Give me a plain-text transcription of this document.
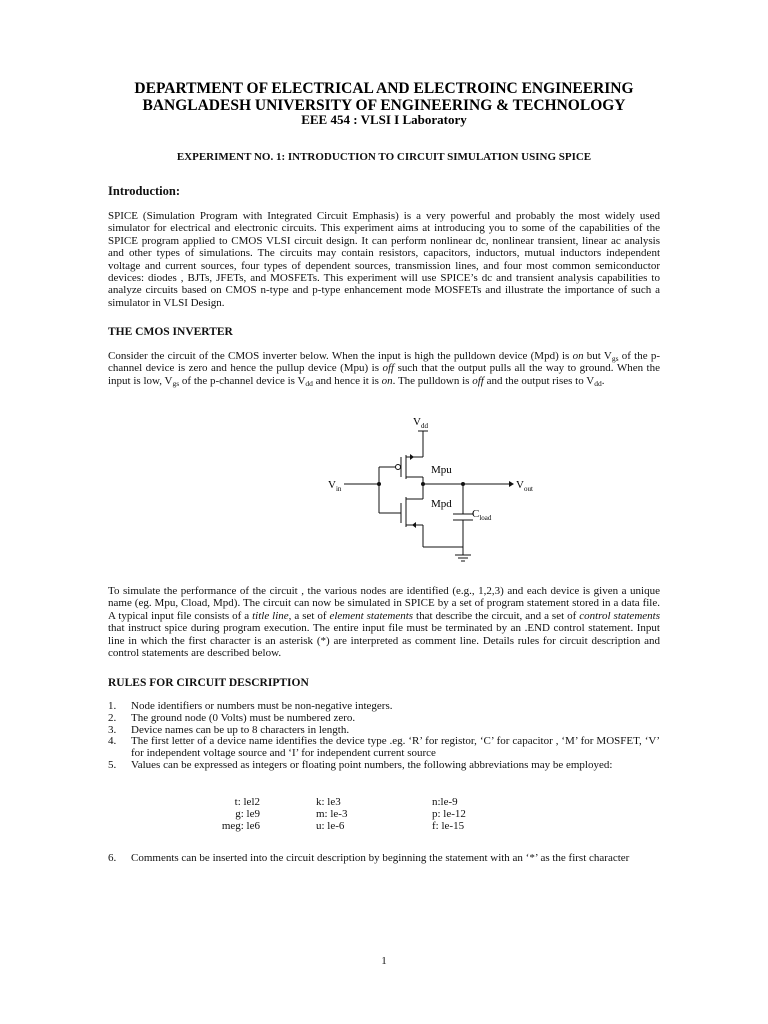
DEPARTMENT OF ELECTRICAL AND ELECTROINC ENGINEERING
BANGLADESH UNIVERSITY OF ENGINEERING & TECHNOLOGY
EEE 454 : VLSI I Laboratory
EXPERIMENT NO. 1: INTRODUCTION TO CIRCUIT SIMULATION USING SPICE
Introduction:

SPICE (Simulation Program with Integrated Circuit Emphasis) is a very powerful and probably the most widely used simulator for electrical and electronic circuits. This experiment aims at introducing you to some of the capabilities of the SPICE program applied to CMOS VLSI circuit design. It can perform nonlinear dc, nonlinear transient, linear ac analysis and other types of simulations. The circuits may contain resistors, capacitors, inductors, mutual inductors independent voltage and current sources, four types of dependent sources, transmission lines, and four most common semiconductor devices: diodes , BJTs, JFETs, and MOSFETs. This experiment will use SPICE’s dc and transient analysis capabilities to analyze circuits based on CMOS n-type and p-type enhancement mode MOSFETs and illustrate the importance of such a simulator in VLSI Design.

THE CMOS INVERTER

Consider the circuit of the CMOS inverter below. When the input is high the pulldown device (Mpd) is on but $V_{gs}$ of the p-channel device is zero and hence the pullup device (Mpu) is off such that the output pulls all the way to ground. When the input is low, $V_{gs}$ of the p-channel device is $V_{dd}$ and hence it is on. The pulldown is off and the output rises to $V_{dd}$.

$V_{dd}$
$V_{in}$	$V_{out}$
Mpu
Mpd
$C_{load}$

To simulate the performance of the circuit , the various nodes are identified (e.g., 1,2,3) and each device is given a unique name (eg. Mpu, Cload, Mpd). The circuit can now be simulated in SPICE by a set of program statement stored in a data file. A typical input file consists of a title line, a set of element statements that describe the circuit, and a set of control statements that instruct spice during program execution. The entire input file must be terminated by an .END control statement. Input line in which the first character is an asterisk (*) are interpreted as comment line. Details rules for circuit description and control statements are described below.

RULES FOR CIRCUIT DESCRIPTION
1. Node identifiers or numbers must be non-negative integers.
2. The ground node (0 Volts) must be numbered zero.
3. Device names can be up to 8 characters in length.
4. The first letter of a device name identifies the device type .eg. ‘R’ for registor, ‘C’ for capacitor , ‘M’ for MOSFET, ‘V’ for independent voltage source and ‘I’ for independent current source
5. Values can be expressed as integers or floating point numbers, the following abbreviations may be employed:
t: lel2
g: le9
meg: le6
k: le3
m: le-3
u: le-6
n:le-9
p: le-12
f: le-15
6. Comments can be inserted into the circuit description by beginning the statement with an ‘*’ as the first character
1
